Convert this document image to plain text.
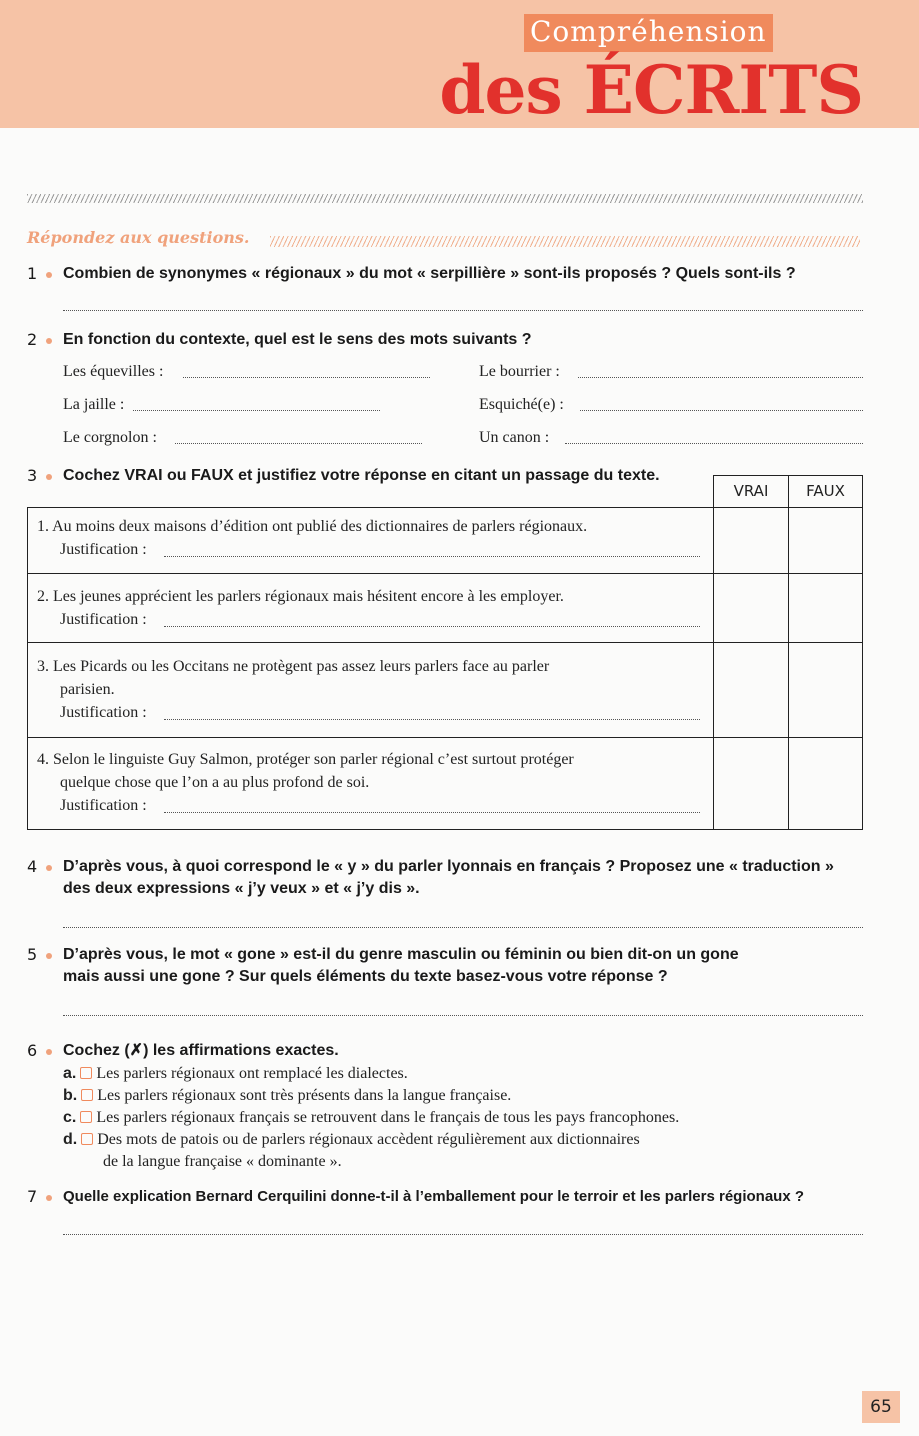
Compréhension
des ÉCRITS
Répondez aux questions.
1 Combien de synonymes « régionaux » du mot « serpillière » sont-ils proposés ? Quels sont-ils ?
2 En fonction du contexte, quel est le sens des mots suivants ?
Les équevilles :	Le bourrier :
La jaille :	Esquiché(e) :
Le corgnolon :	Un canon :
3 Cochez VRAI ou FAUX et justifiez votre réponse en citant un passage du texte.
VRAI	FAUX
1. Au moins deux maisons d’édition ont publié des dictionnaires de parlers régionaux.
Justification :
2. Les jeunes apprécient les parlers régionaux mais hésitent encore à les employer.
Justification :
3. Les Picards ou les Occitans ne protègent pas assez leurs parlers face au parler
parisien.
Justification :
4. Selon le linguiste Guy Salmon, protéger son parler régional c’est surtout protéger
quelque chose que l’on a au plus profond de soi.
Justification :
4 D’après vous, à quoi correspond le « y » du parler lyonnais en français ? Proposez une « traduction »
des deux expressions « j’y veux » et « j’y dis ».
5 D’après vous, le mot « gone » est-il du genre masculin ou féminin ou bien dit-on un gone
mais aussi une gone ? Sur quels éléments du texte basez-vous votre réponse ?
6 Cochez (✗) les affirmations exactes.
a. Les parlers régionaux ont remplacé les dialectes.
b. Les parlers régionaux sont très présents dans la langue française.
c. Les parlers régionaux français se retrouvent dans le français de tous les pays francophones.
d. Des mots de patois ou de parlers régionaux accèdent régulièrement aux dictionnaires
de la langue française « dominante ».
7 Quelle explication Bernard Cerquilini donne-t-il à l’emballement pour le terroir et les parlers régionaux ?
65
